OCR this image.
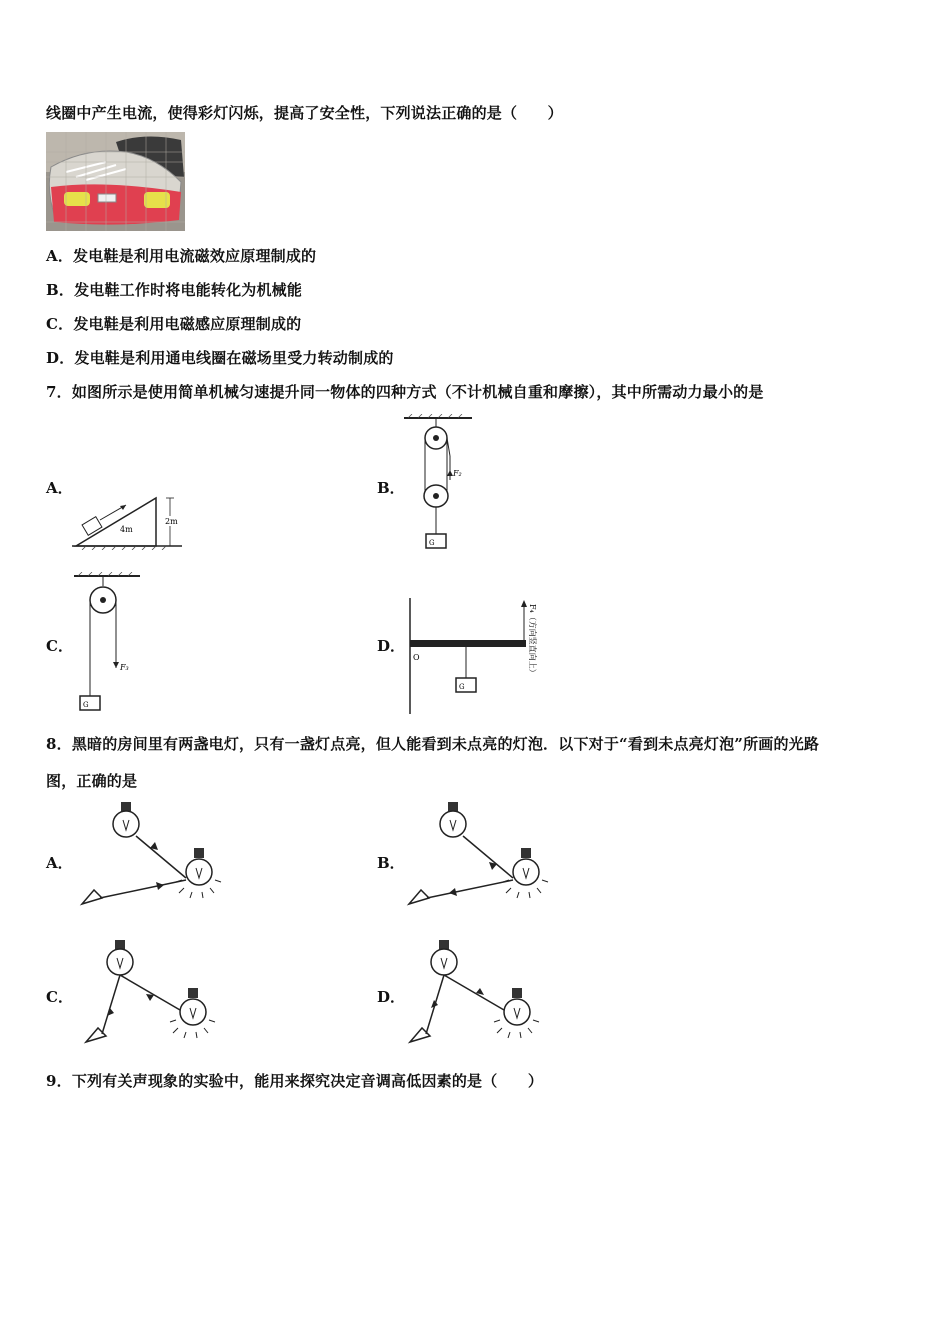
线圈中产生电流，使得彩灯闪烁，提高了安全性，下列说法正确的是（　　）
A．发电鞋是利用电流磁效应原理制成的
B．发电鞋工作时将电能转化为机械能
C．发电鞋是利用电磁感应原理制成的
D．发电鞋是利用通电线圈在磁场里受力转动制成的
7．如图所示是使用简单机械匀速提升同一物体的四种方式（不计机械自重和摩擦），其中所需动力最小的是
A．
4m
2m
B．
F₂
G
C．
F₃
G
D．
O
G
F₄（方向竖直向上）
8．黑暗的房间里有两盏电灯，只有一盏灯点亮，但人能看到未点亮的灯泡．以下对于“看到未点亮灯泡”所画的光路
图，正确的是
A．	B．
C．	D．
9．下列有关声现象的实验中，能用来探究决定音调高低因素的是（　　）
